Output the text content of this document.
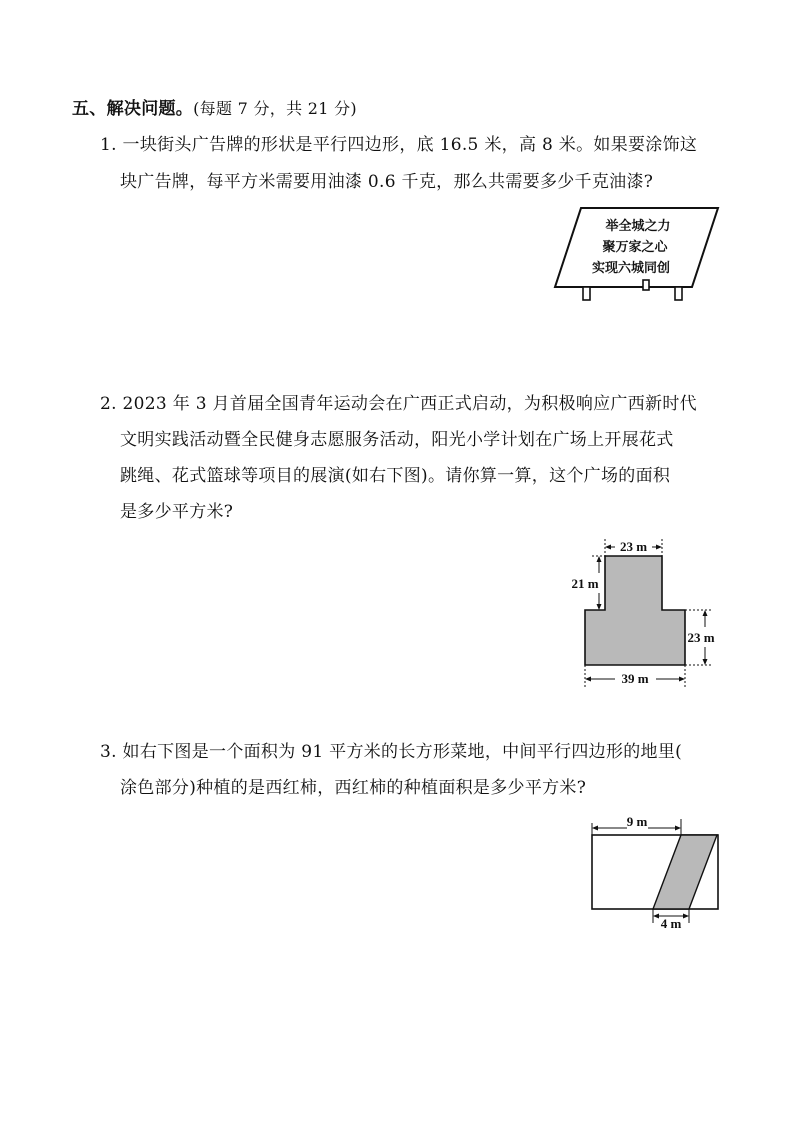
五、解决问题。(每题 7 分，共 21 分)
1. 一块街头广告牌的形状是平行四边形，底 16.5 米，高 8 米。如果要涂饰这
块广告牌，每平方米需要用油漆 0.6 千克，那么共需要多少千克油漆?
举全城之力
聚万家之心
实现六城同创
2. 2023 年 3 月首届全国青年运动会在广西正式启动，为积极响应广西新时代
文明实践活动暨全民健身志愿服务活动，阳光小学计划在广场上开展花式
跳绳、花式篮球等项目的展演(如右下图)。请你算一算，这个广场的面积
是多少平方米?
23 m
21 m
23 m
39 m
3. 如右下图是一个面积为 91 平方米的长方形菜地，中间平行四边形的地里(
涂色部分)种植的是西红柿，西红柿的种植面积是多少平方米?
9 m
4 m
